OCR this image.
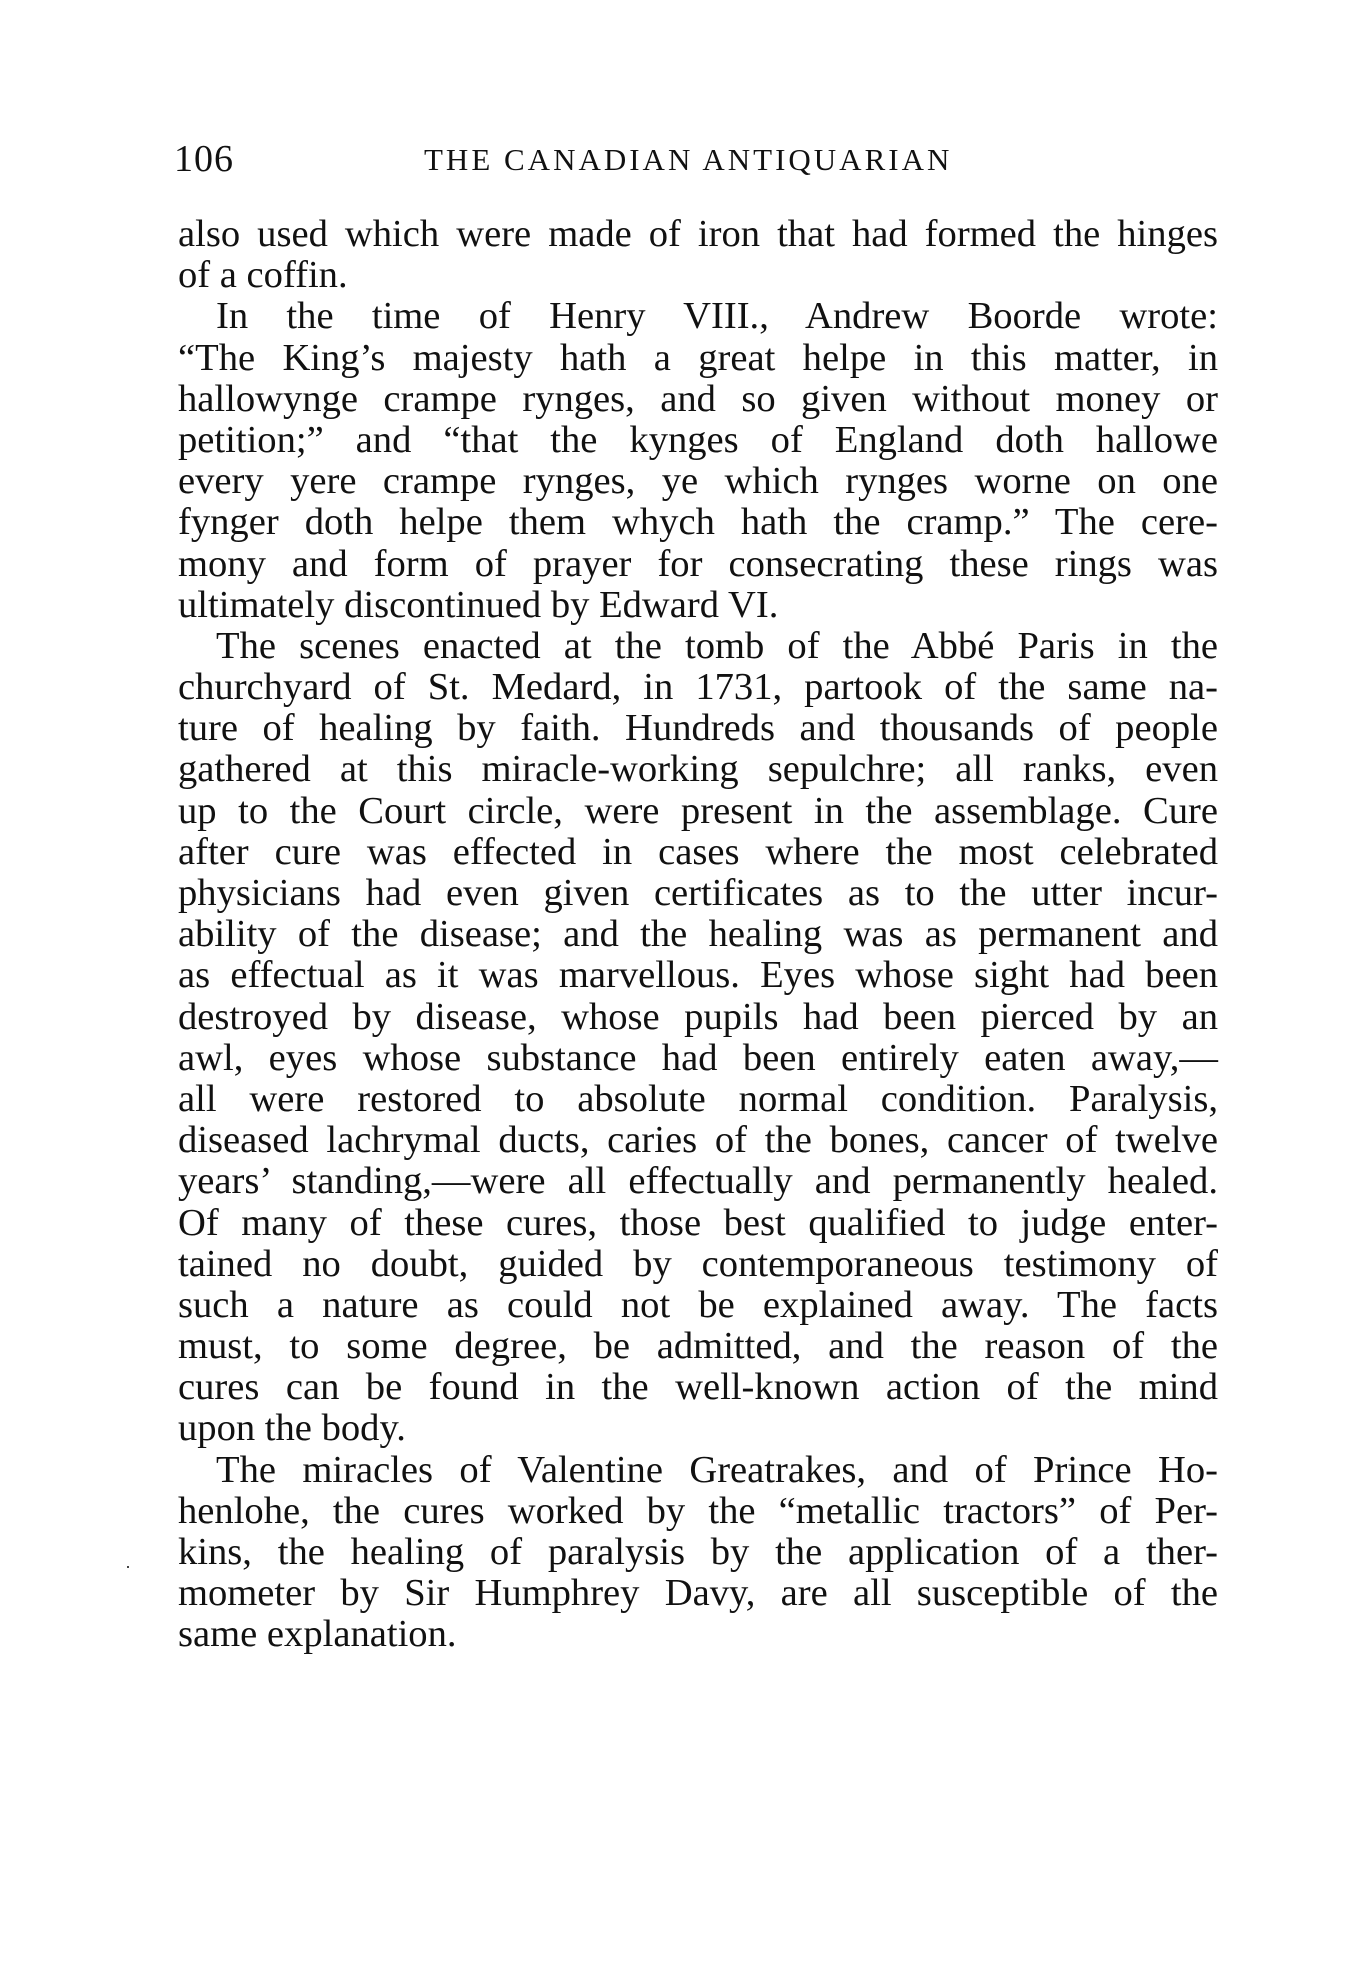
106	THE CANADIAN ANTIQUARIAN
also used which were made of iron that had formed the hinges
of a coffin.
In the time of Henry VIII., Andrew Boorde wrote:
“The King’s majesty hath a great helpe in this matter, in
hallowynge crampe rynges, and so given without money or
petition;” and “that the kynges of England doth hallowe
every yere crampe rynges, ye which rynges worne on one
fynger doth helpe them whych hath the cramp.” The cere-
mony and form of prayer for consecrating these rings was
ultimately discontinued by Edward VI.
The scenes enacted at the tomb of the Abbé Paris in the
churchyard of St. Medard, in 1731, partook of the same na-
ture of healing by faith. Hundreds and thousands of people
gathered at this miracle-working sepulchre; all ranks, even
up to the Court circle, were present in the assemblage. Cure
after cure was effected in cases where the most celebrated
physicians had even given certificates as to the utter incur-
ability of the disease; and the healing was as permanent and
as effectual as it was marvellous. Eyes whose sight had been
destroyed by disease, whose pupils had been pierced by an
awl, eyes whose substance had been entirely eaten away,—
all were restored to absolute normal condition. Paralysis,
diseased lachrymal ducts, caries of the bones, cancer of twelve
years’ standing,—were all effectually and permanently healed.
Of many of these cures, those best qualified to judge enter-
tained no doubt, guided by contemporaneous testimony of
such a nature as could not be explained away. The facts
must, to some degree, be admitted, and the reason of the
cures can be found in the well-known action of the mind
upon the body.
The miracles of Valentine Greatrakes, and of Prince Ho-
henlohe, the cures worked by the “metallic tractors” of Per-
kins, the healing of paralysis by the application of a ther-
mometer by Sir Humphrey Davy, are all susceptible of the
same explanation.
